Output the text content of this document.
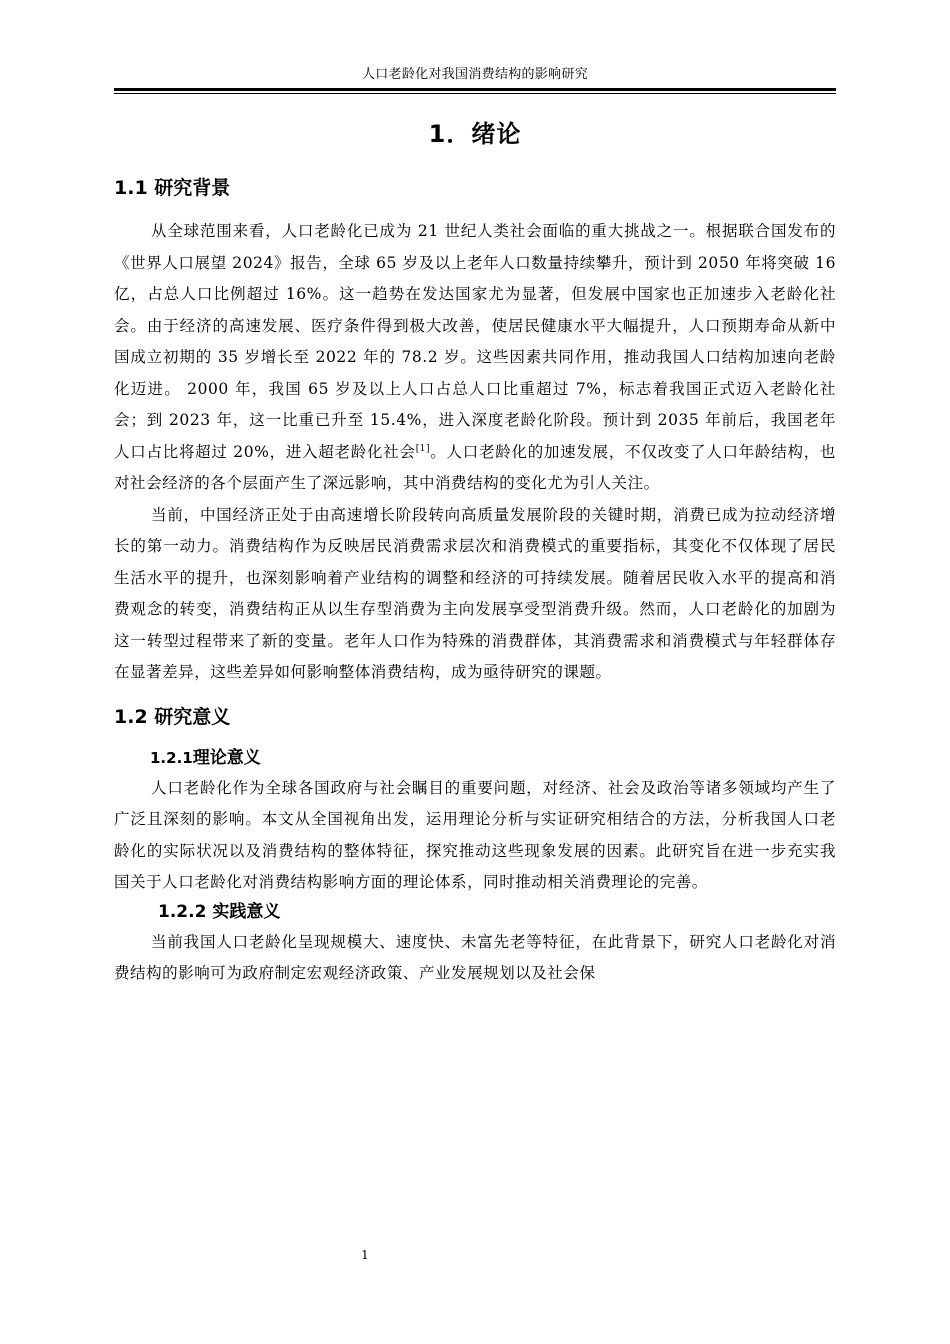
人口老龄化对我国消费结构的影响研究
1．绪论
1.1 研究背景

从全球范围来看，人口老龄化已成为 21 世纪人类社会面临的重大挑战之一。根据联合国发布的《世界人口展望 2024》报告，全球 65 岁及以上老年人口数量持续攀升，预计到 2050 年将突破 16 亿，占总人口比例超过 16%。这一趋势在发达国家尤为显著，但发展中国家也正加速步入老龄化社会。由于经济的高速发展、医疗条件得到极大改善，使居民健康水平大幅提升，人口预期寿命从新中国成立初期的 35 岁增长至 2022 年的 78.2 岁。这些因素共同作用，推动我国人口结构加速向老龄化迈进。 2000 年，我国 65 岁及以上人口占总人口比重超过 7%，标志着我国正式迈入老龄化社会；到 2023 年，这一比重已升至 15.4%，进入深度老龄化阶段。预计到 2035 年前后，我国老年人口占比将超过 20%，进入超老龄化社会[1]。人口老龄化的加速发展，不仅改变了人口年龄结构，也对社会经济的各个层面产生了深远影响，其中消费结构的变化尤为引人关注。

当前，中国经济正处于由高速增长阶段转向高质量发展阶段的关键时期，消费已成为拉动经济增长的第一动力。消费结构作为反映居民消费需求层次和消费模式的重要指标，其变化不仅体现了居民生活水平的提升，也深刻影响着产业结构的调整和经济的可持续发展。随着居民收入水平的提高和消费观念的转变，消费结构正从以生存型消费为主向发展享受型消费升级。然而，人口老龄化的加剧为这一转型过程带来了新的变量。老年人口作为特殊的消费群体，其消费需求和消费模式与年轻群体存在显著差异，这些差异如何影响整体消费结构，成为亟待研究的课题。

1.2 研究意义
1.2.1理论意义

人口老龄化作为全球各国政府与社会瞩目的重要问题，对经济、社会及政治等诸多领域均产生了广泛且深刻的影响。本文从全国视角出发，运用理论分析与实证研究相结合的方法，分析我国人口老龄化的实际状况以及消费结构的整体特征，探究推动这些现象发展的因素。此研究旨在进一步充实我国关于人口老龄化对消费结构影响方面的理论体系，同时推动相关消费理论的完善。

1.2.2 实践意义

当前我国人口老龄化呈现规模大、速度快、未富先老等特征，在此背景下，研究人口老龄化对消费结构的影响可为政府制定宏观经济政策、产业发展规划以及社会保

1
